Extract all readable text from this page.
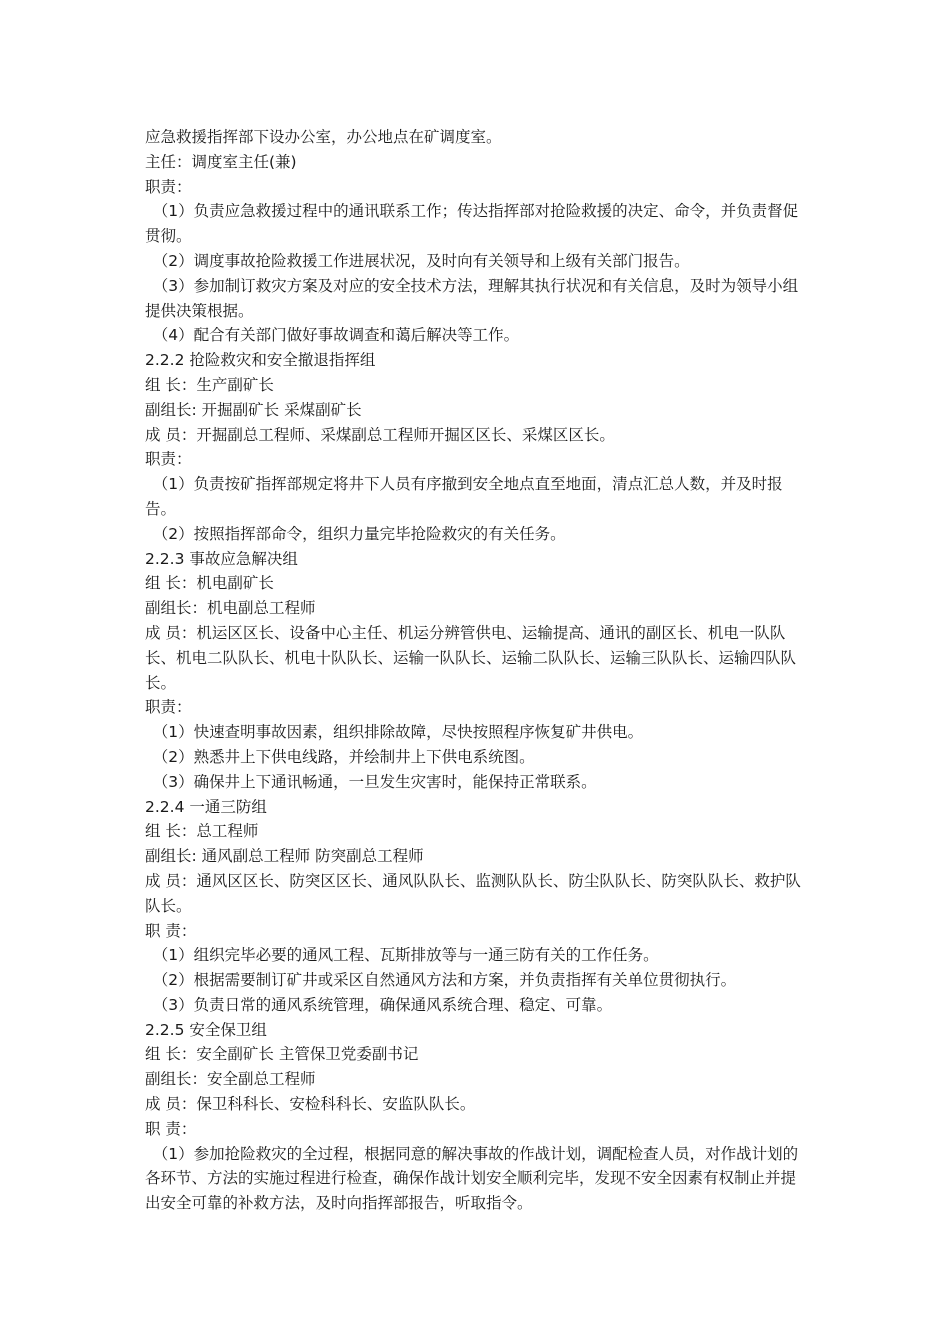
应急救援指挥部下设办公室，办公地点在矿调度室。

主任：调度室主任(兼)

职责：

（1）负责应急救援过程中的通讯联系工作；传达指挥部对抢险救援的决定、命令，并负责督促贯彻。

（2）调度事故抢险救援工作进展状况，及时向有关领导和上级有关部门报告。

（3）参加制订救灾方案及对应的安全技术方法，理解其执行状况和有关信息，及时为领导小组提供决策根据。

（4）配合有关部门做好事故调查和蔼后解决等工作。

2.2.2 抢险救灾和安全撤退指挥组

组 长：生产副矿长

副组长: 开掘副矿长 采煤副矿长

成 员：开掘副总工程师、采煤副总工程师开掘区区长、采煤区区长。

职责：

（1）负责按矿指挥部规定将井下人员有序撤到安全地点直至地面，清点汇总人数，并及时报告。

（2）按照指挥部命令，组织力量完毕抢险救灾的有关任务。

2.2.3 事故应急解决组

组 长：机电副矿长

副组长：机电副总工程师

成 员：机运区区长、设备中心主任、机运分辨管供电、运输提高、通讯的副区长、机电一队队长、机电二队队长、机电十队队长、运输一队队长、运输二队队长、运输三队队长、运输四队队长。

职责：

（1）快速查明事故因素，组织排除故障，尽快按照程序恢复矿井供电。

（2）熟悉井上下供电线路，并绘制井上下供电系统图。

（3）确保井上下通讯畅通，一旦发生灾害时，能保持正常联系。

2.2.4 一通三防组

组 长：总工程师

副组长: 通风副总工程师 防突副总工程师

成 员：通风区区长、防突区区长、通风队队长、监测队队长、防尘队队长、防突队队长、救护队队长。

职 责：

（1）组织完毕必要的通风工程、瓦斯排放等与一通三防有关的工作任务。

（2）根据需要制订矿井或采区自然通风方法和方案，并负责指挥有关单位贯彻执行。

（3）负责日常的通风系统管理，确保通风系统合理、稳定、可靠。

2.2.5 安全保卫组

组 长：安全副矿长 主管保卫党委副书记

副组长：安全副总工程师

成 员：保卫科科长、安检科科长、安监队队长。

职 责：

（1）参加抢险救灾的全过程，根据同意的解决事故的作战计划，调配检查人员，对作战计划的各环节、方法的实施过程进行检查，确保作战计划安全顺利完毕，发现不安全因素有权制止并提出安全可靠的补救方法，及时向指挥部报告，听取指令。
